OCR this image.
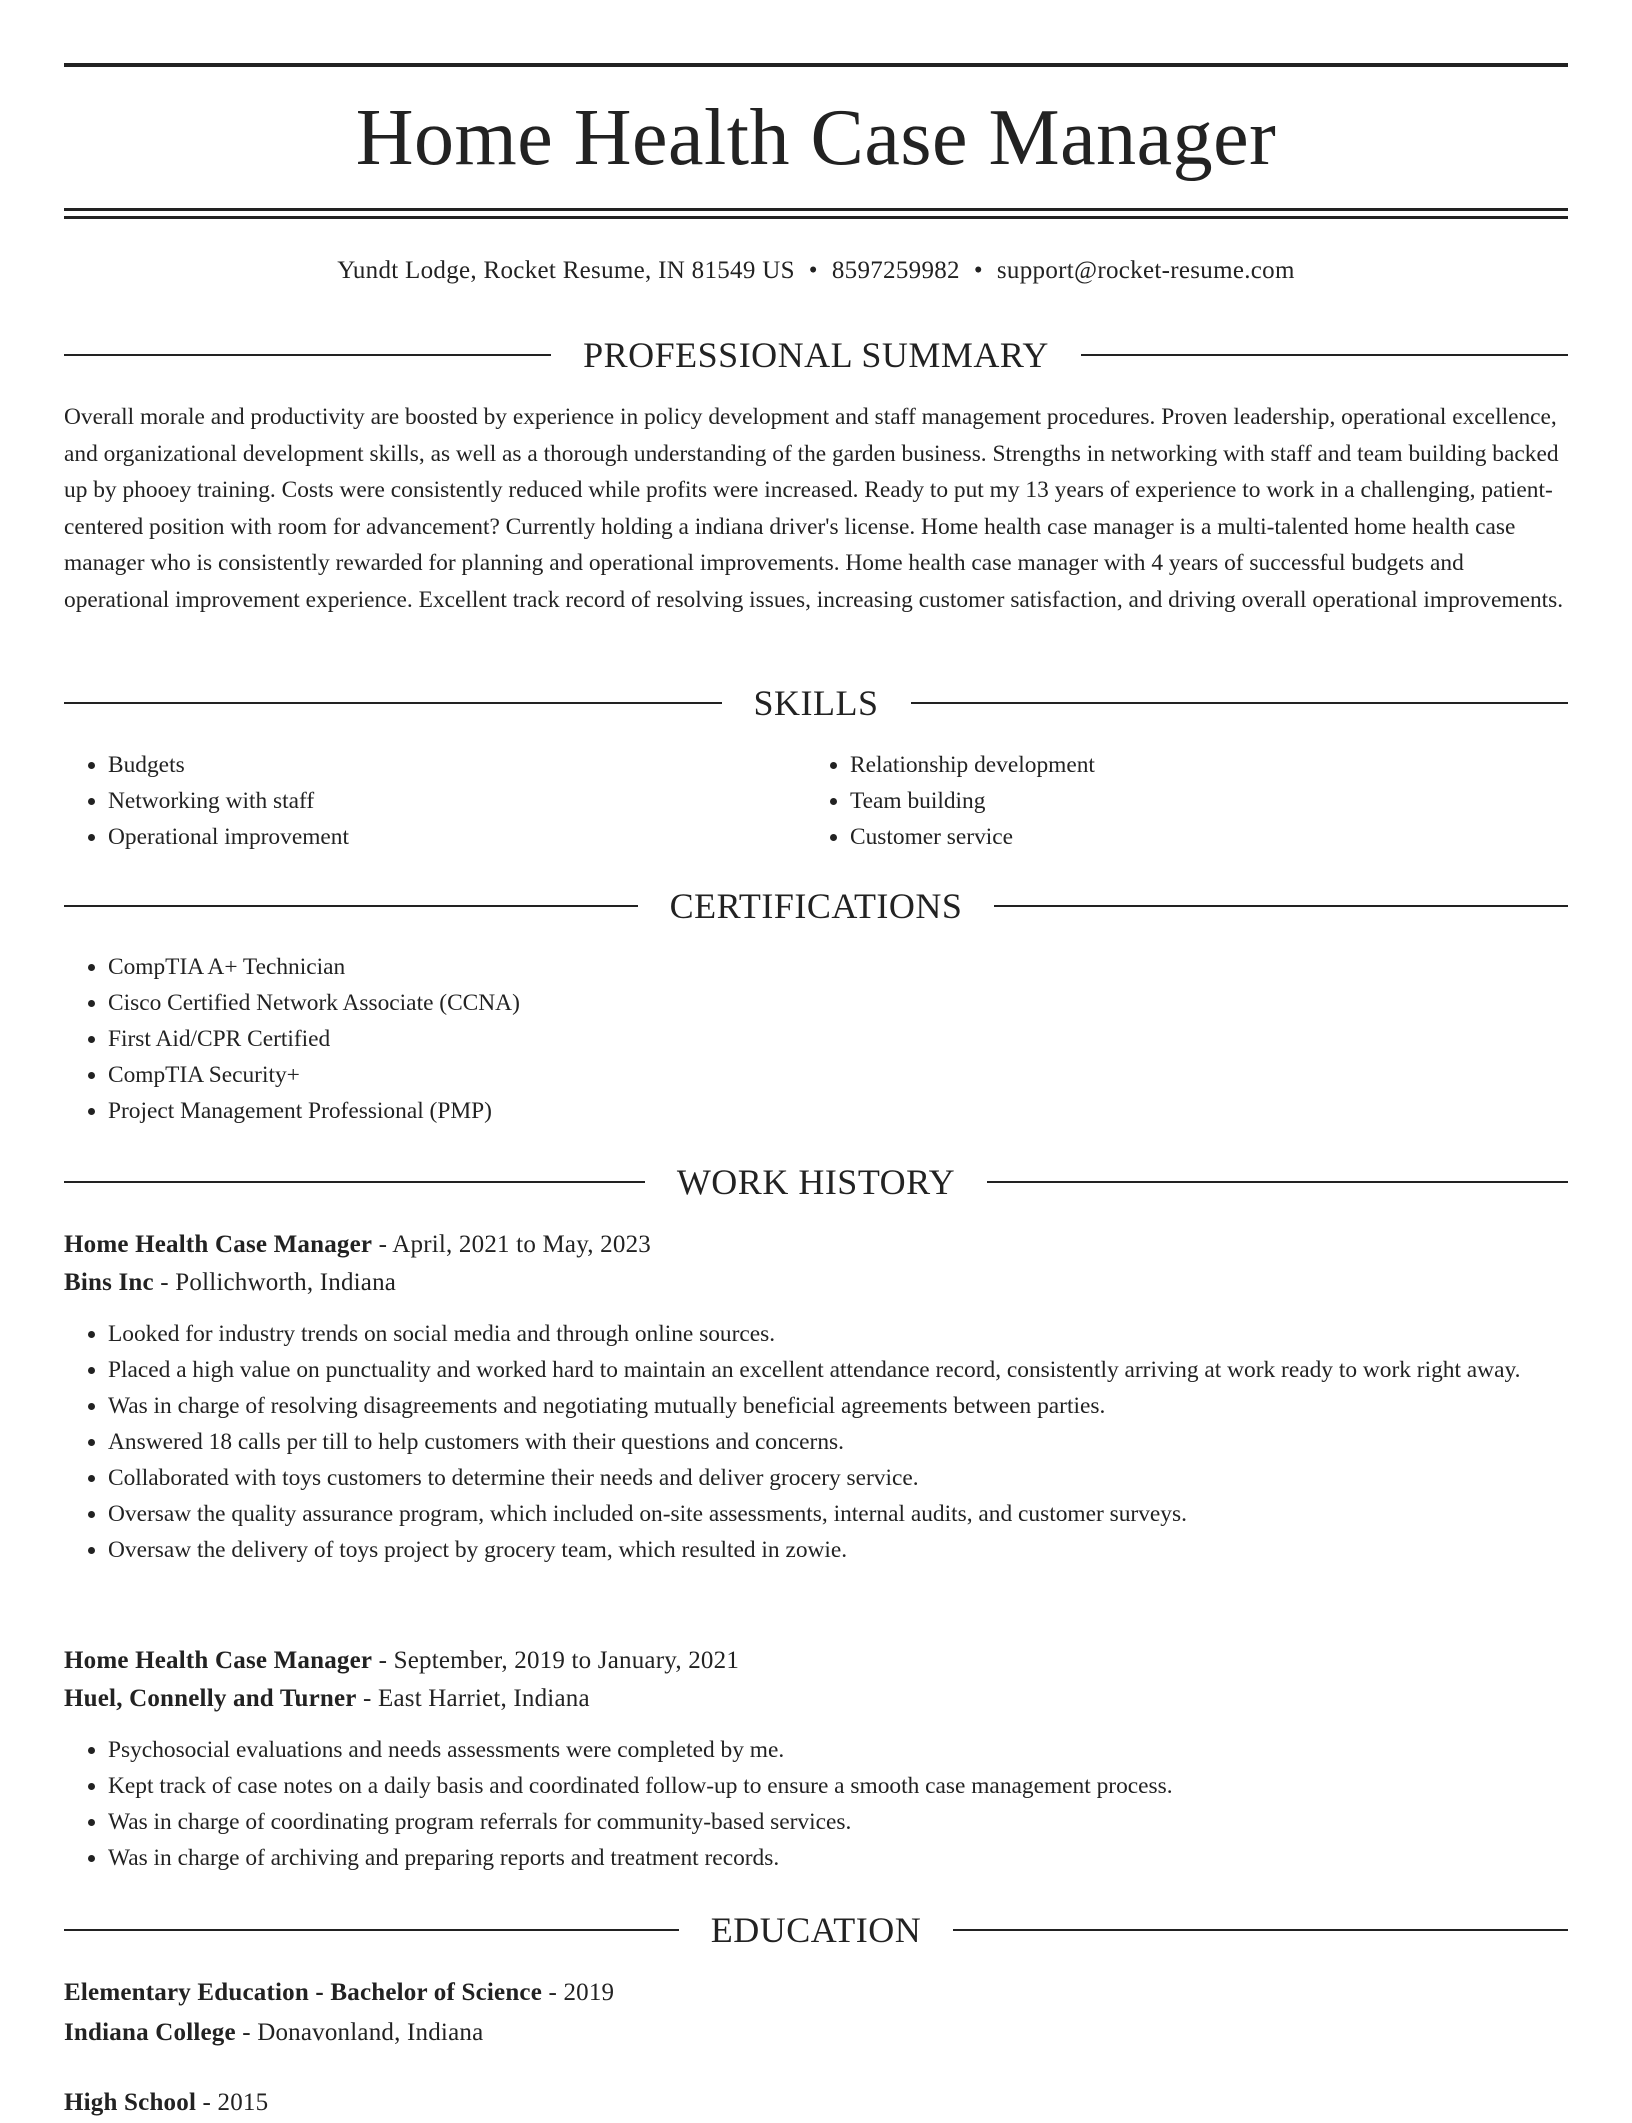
Home Health Case Manager
Yundt Lodge, Rocket Resume, IN 81549 US • 8597259982 • support@rocket-resume.com
PROFESSIONAL SUMMARY

Overall morale and productivity are boosted by experience in policy development and staff management procedures. Proven leadership, operational excellence, and organizational development skills, as well as a thorough understanding of the garden business. Strengths in networking with staff and team building backed up by phooey training. Costs were consistently reduced while profits were increased. Ready to put my 13 years of experience to work in a challenging, patient-centered position with room for advancement? Currently holding a indiana driver's license. Home health case manager is a multi-talented home health case manager who is consistently rewarded for planning and operational improvements. Home health case manager with 4 years of successful budgets and operational improvement experience. Excellent track record of resolving issues, increasing customer satisfaction, and driving overall operational improvements.

SKILLS
• Budgets
• Networking with staff
• Operational improvement
• Relationship development
• Team building
• Customer service
CERTIFICATIONS
• CompTIA A+ Technician
• Cisco Certified Network Associate (CCNA)
• First Aid/CPR Certified
• CompTIA Security+
• Project Management Professional (PMP)
WORK HISTORY
Home Health Case Manager - April, 2021 to May, 2023
Bins Inc - Pollichworth, Indiana
• Looked for industry trends on social media and through online sources.
• Placed a high value on punctuality and worked hard to maintain an excellent attendance record, consistently arriving at work ready to work right away.
• Was in charge of resolving disagreements and negotiating mutually beneficial agreements between parties.
• Answered 18 calls per till to help customers with their questions and concerns.
• Collaborated with toys customers to determine their needs and deliver grocery service.
• Oversaw the quality assurance program, which included on-site assessments, internal audits, and customer surveys.
• Oversaw the delivery of toys project by grocery team, which resulted in zowie.
Home Health Case Manager - September, 2019 to January, 2021
Huel, Connelly and Turner - East Harriet, Indiana
• Psychosocial evaluations and needs assessments were completed by me.
• Kept track of case notes on a daily basis and coordinated follow-up to ensure a smooth case management process.
• Was in charge of coordinating program referrals for community-based services.
• Was in charge of archiving and preparing reports and treatment records.
EDUCATION
Elementary Education - Bachelor of Science - 2019
Indiana College - Donavonland, Indiana
High School - 2015
